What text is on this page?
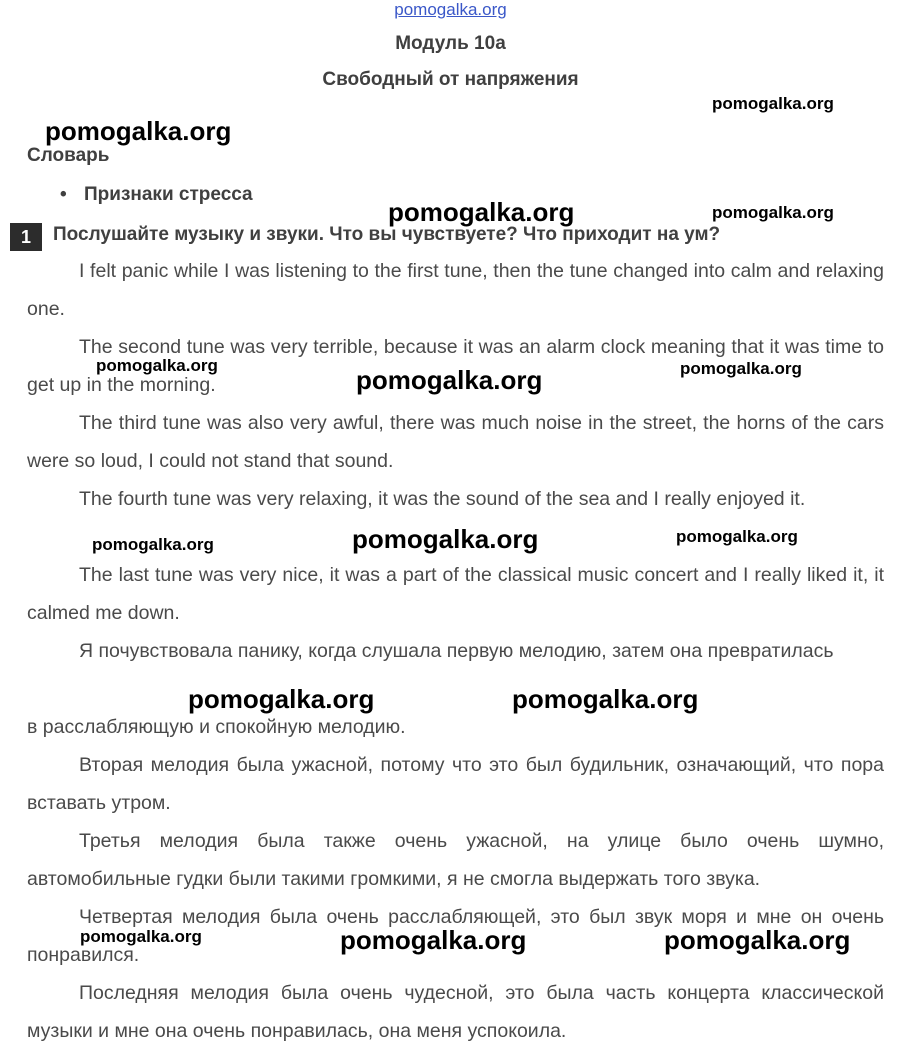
pomogalka.org
Модуль 10a
Свободный от напряжения
Словарь
• Признаки стресса
1	Послушайте музыку и звуки. Что вы чувствуете? Что приходит на ум?

I felt panic while I was listening to the first tune, then the tune changed into calm and relaxing one.

The second tune was very terrible, because it was an alarm clock meaning that it was time to get up in the morning.

The third tune was also very awful, there was much noise in the street, the horns of the cars were so loud, I could not stand that sound.

The fourth tune was very relaxing, it was the sound of the sea and I really enjoyed it.

The last tune was very nice, it was a part of the classical music concert and I really liked it, it calmed me down.

Я почувствовала панику, когда слушала первую мелодию, затем она превратилась

в расслабляющую и спокойную мелодию.

Вторая мелодия была ужасной, потому что это был будильник, означающий, что пора вставать утром.

Третья мелодия была также очень ужасной, на улице было очень шумно, автомобильные гудки были такими громкими, я не смогла выдержать того звука.

Четвертая мелодия была очень расслабляющей, это был звук моря и мне он очень понравился.

Последняя мелодия была очень чудесной, это была часть концерта классической музыки и мне она очень понравилась, она меня успокоила.

pomogalka.org
pomogalka.org
pomogalka.org	pomogalka.org
pomogalka.org	pomogalka.org	pomogalka.org
pomogalka.org	pomogalka.org	pomogalka.org
pomogalka.org	pomogalka.org
pomogalka.org	pomogalka.org	pomogalka.org
